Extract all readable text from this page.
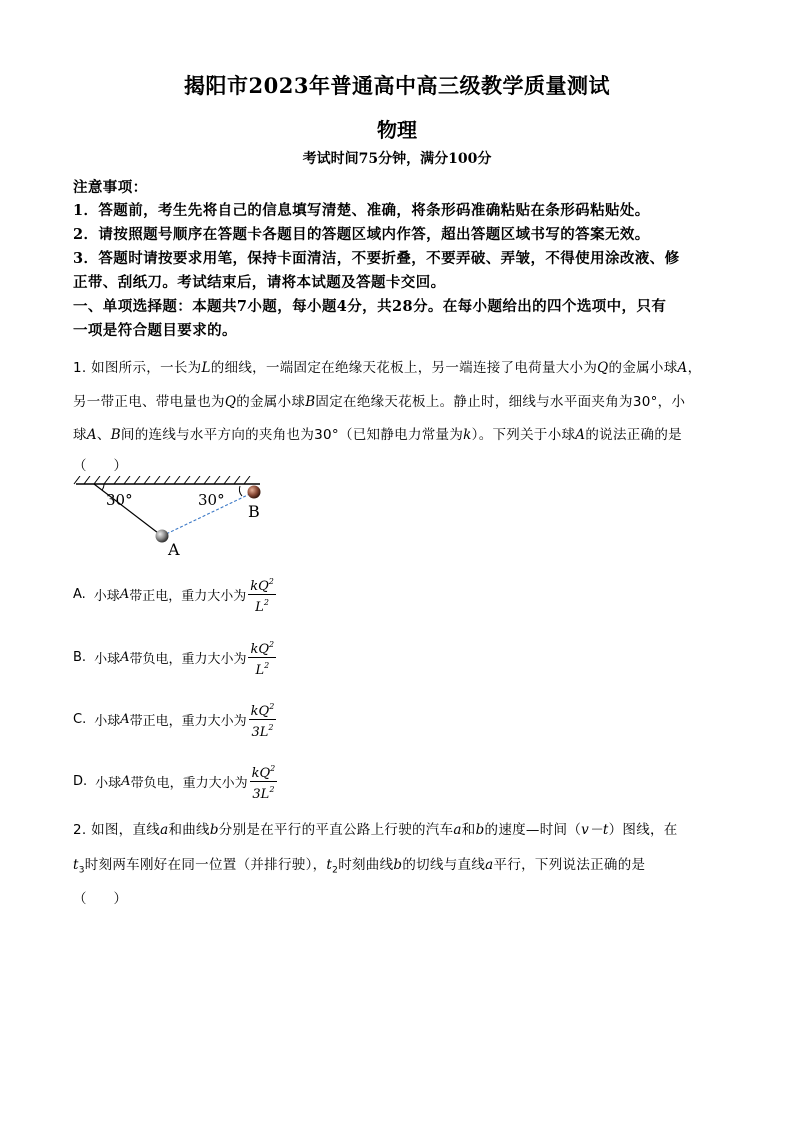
揭阳市2023年普通高中高三级教学质量测试
物理
考试时间75分钟，满分100分
注意事项：
1．答题前，考生先将自己的信息填写清楚、准确，将条形码准确粘贴在条形码粘贴处。
2．请按照题号顺序在答题卡各题目的答题区域内作答，超出答题区域书写的答案无效。
3．答题时请按要求用笔，保持卡面清洁，不要折叠，不要弄破、弄皱，不得使用涂改液、修
正带、刮纸刀。考试结束后，请将本试题及答题卡交回。
一、单项选择题：本题共7小题，每小题4分，共28分。在每小题给出的四个选项中，只有
一项是符合题目要求的。
1. 如图所示，一长为L的细线，一端固定在绝缘天花板上，另一端连接了电荷量大小为Q的金属小球A，
另一带正电、带电量也为Q的金属小球B固定在绝缘天花板上。静止时，细线与水平面夹角为30°，小
球A、B间的连线与水平方向的夹角也为30°（已知静电力常量为k）。下列关于小球A的说法正确的是
（　　）
30°	30°
A
B
A. 小球 A 带正电，重力大小为 $\frac{kQ^2}{L^2}$
B. 小球 A 带负电，重力大小为 $\frac{kQ^2}{L^2}$
C. 小球 A 带正电，重力大小为 $\frac{kQ^2}{3L^2}$
D. 小球 A 带负电，重力大小为 $\frac{kQ^2}{3L^2}$
2. 如图，直线a和曲线b分别是在平行的平直公路上行驶的汽车a和b的速度—时间（v－t）图线，在
$t_3$时刻两车刚好在同一位置（并排行驶），$t_2$时刻曲线b的切线与直线a平行，下列说法正确的是
（　　）
